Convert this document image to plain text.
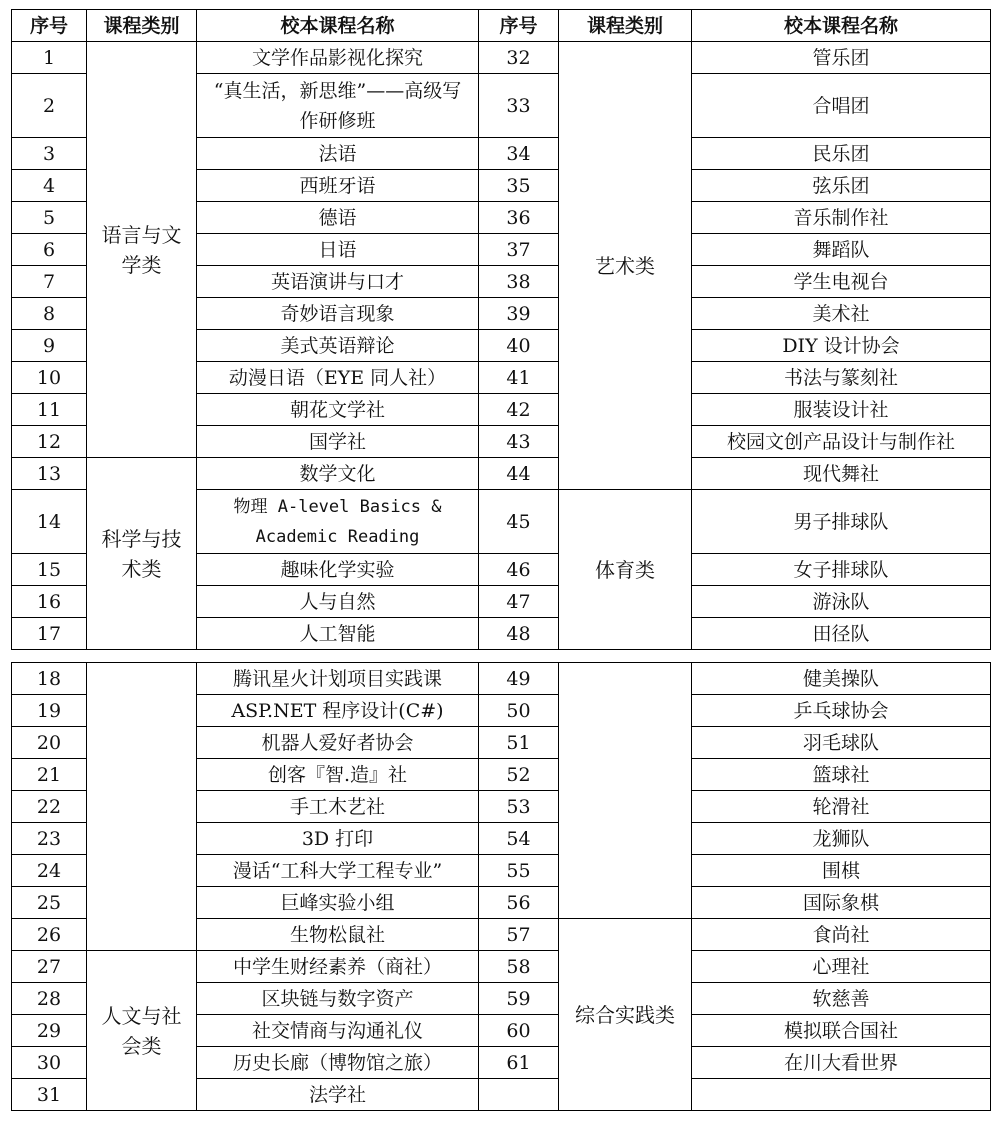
序号	课程类别	校本课程名称	序号	课程类别	校本课程名称
1	语言与文学类	文学作品影视化探究	32	艺术类	管乐团
2		“真生活，新思维”——高级写作研修班	33		合唱团
3		法语	34		民乐团
4		西班牙语	35		弦乐团
5		德语	36		音乐制作社
6		日语	37		舞蹈队
7		英语演讲与口才	38		学生电视台
8		奇妙语言现象	39		美术社
9		美式英语辩论	40		DIY 设计协会
10		动漫日语（EYE 同人社）	41		书法与篆刻社
11		朝花文学社	42		服装设计社
12		国学社	43		校园文创产品设计与制作社
13	科学与技术类	数学文化	44		现代舞社
14		物理 A-level Basics & Academic Reading	45	体育类	男子排球队
15		趣味化学实验	46		女子排球队
16		人与自然	47		游泳队
17		人工智能	48		田径队
18		腾讯星火计划项目实践课	49		健美操队
19		ASP.NET 程序设计(C#)	50		乒乓球协会
20		机器人爱好者协会	51		羽毛球队
21		创客『智.造』社	52		篮球社
22		手工木艺社	53		轮滑社
23		3D 打印	54		龙狮队
24		漫话“工科大学工程专业”	55		围棋
25		巨峰实验小组	56		国际象棋
26		生物松鼠社	57	综合实践类	食尚社
27	人文与社会类	中学生财经素养（商社）	58		心理社
28		区块链与数字资产	59		软慈善
29		社交情商与沟通礼仪	60		模拟联合国社
30		历史长廊（博物馆之旅）	61		在川大看世界
31		法学社			
